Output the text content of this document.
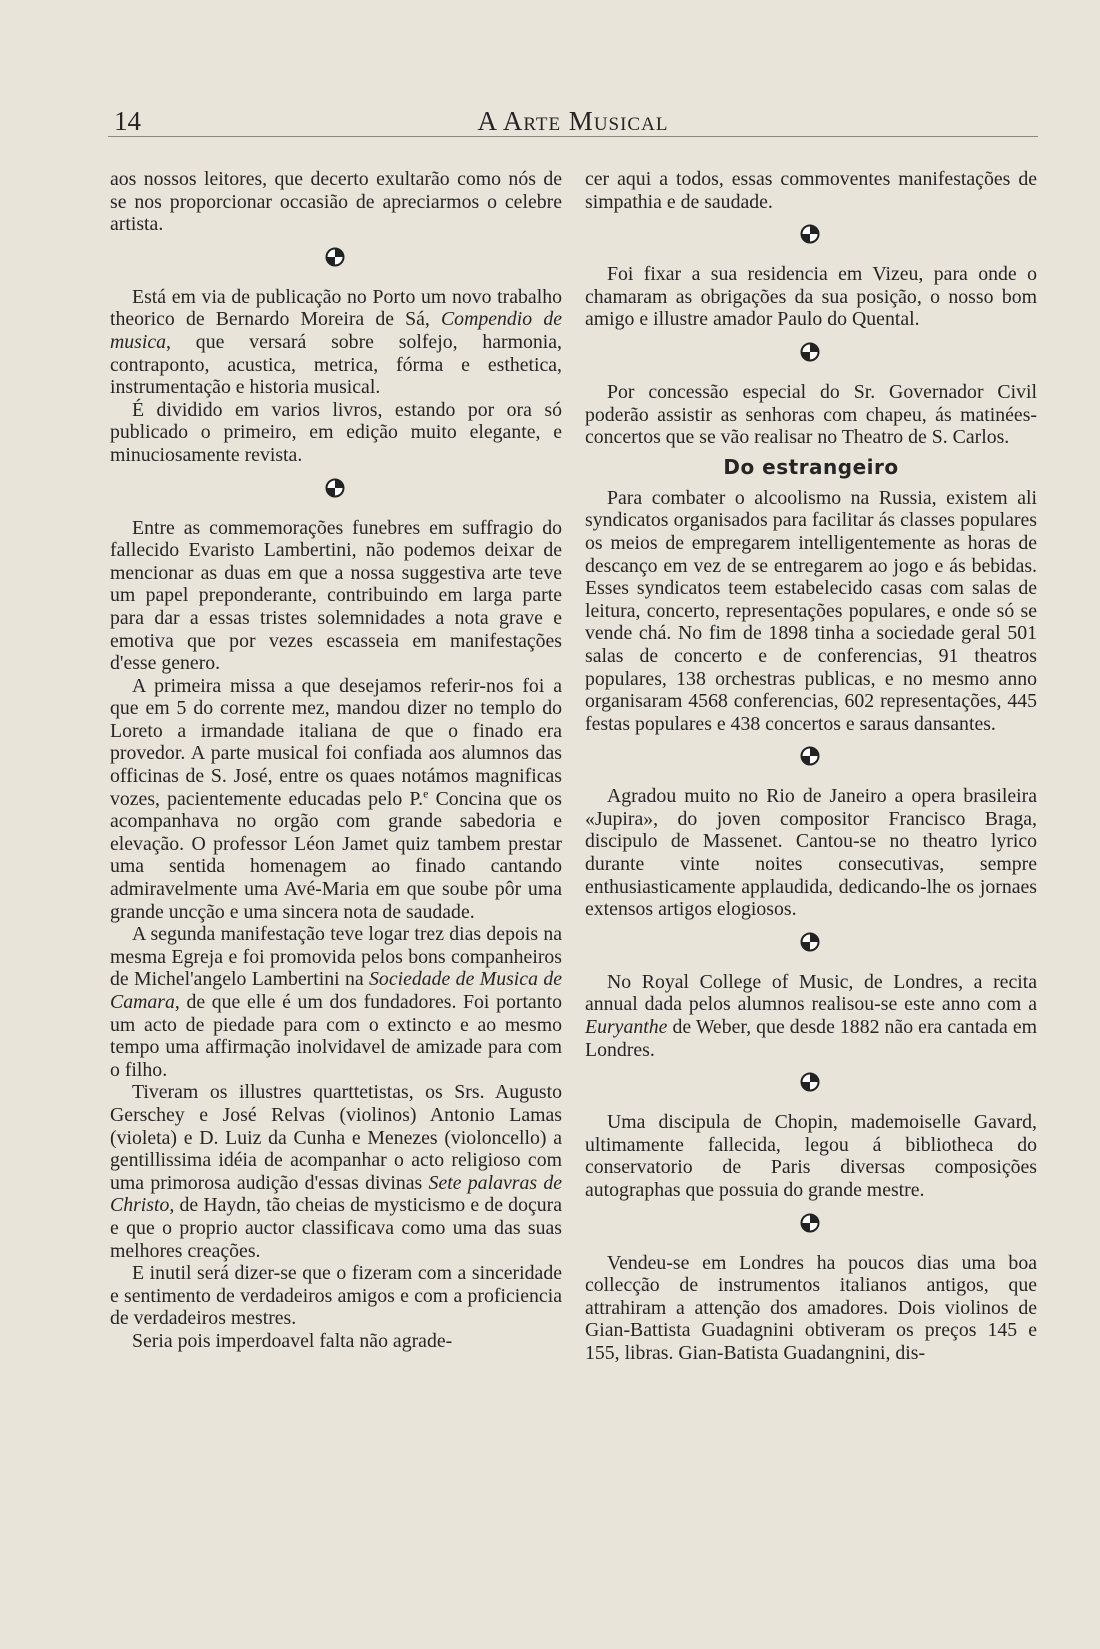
14	A Arte Musical

aos nossos leitores, que decerto exultarão como nós de se nos proporcionar occasião de apreciarmos o celebre artista.

Está em via de publicação no Porto um novo trabalho theorico de Bernardo Moreira de Sá, Compendio de musica, que versará sobre solfejo, harmonia, contraponto, acustica, metrica, fórma e esthetica, instrumentação e historia musical.

É dividido em varios livros, estando por ora só publicado o primeiro, em edição muito elegante, e minuciosamente revista.

Entre as commemorações funebres em suffragio do fallecido Evaristo Lambertini, não podemos deixar de mencionar as duas em que a nossa suggestiva arte teve um papel preponderante, contribuindo em larga parte para dar a essas tristes solemnidades a nota grave e emotiva que por vezes escasseia em manifestações d'esse genero.

A primeira missa a que desejamos referir-nos foi a que em 5 do corrente mez, mandou dizer no templo do Loreto a irmandade italiana de que o finado era provedor. A parte musical foi confiada aos alumnos das officinas de S. José, entre os quaes notámos magnificas vozes, pacientemente educadas pelo P.$^e$ Concina que os acompanhava no orgão com grande sabedoria e elevação. O professor Léon Jamet quiz tambem prestar uma sentida homenagem ao finado cantando admiravelmente uma Avé-Maria em que soube pôr uma grande uncção e uma sincera nota de saudade.

A segunda manifestação teve logar trez dias depois na mesma Egreja e foi promovida pelos bons companheiros de Michel'angelo Lambertini na Sociedade de Musica de Camara, de que elle é um dos fundadores. Foi portanto um acto de piedade para com o extincto e ao mesmo tempo uma affirmação inolvidavel de amizade para com o filho.

Tiveram os illustres quarttetistas, os Srs. Augusto Gerschey e José Relvas (violinos) Antonio Lamas (violeta) e D. Luiz da Cunha e Menezes (violoncello) a gentillissima idéia de acompanhar o acto religioso com uma primorosa audição d'essas divinas Sete palavras de Christo, de Haydn, tão cheias de mysticismo e de doçura e que o proprio auctor classificava como uma das suas melhores creações.

E inutil será dizer-se que o fizeram com a sinceridade e sentimento de verdadeiros amigos e com a proficiencia de verdadeiros mestres.

Seria pois imperdoavel falta não agrade-

cer aqui a todos, essas commoventes manifestações de simpathia e de saudade.

Foi fixar a sua residencia em Vizeu, para onde o chamaram as obrigações da sua posição, o nosso bom amigo e illustre amador Paulo do Quental.

Por concessão especial do Sr. Governador Civil poderão assistir as senhoras com chapeu, ás matinées-concertos que se vão realisar no Theatro de S. Carlos.

Do estrangeiro

Para combater o alcoolismo na Russia, existem ali syndicatos organisados para facilitar ás classes populares os meios de empregarem intelligentemente as horas de descanço em vez de se entregarem ao jogo e ás bebidas. Esses syndicatos teem estabelecido casas com salas de leitura, concerto, representações populares, e onde só se vende chá. No fim de 1898 tinha a sociedade geral 501 salas de concerto e de conferencias, 91 theatros populares, 138 orchestras publicas, e no mesmo anno organisaram 4568 conferencias, 602 representações, 445 festas populares e 438 concertos e saraus dansantes.

Agradou muito no Rio de Janeiro a opera brasileira «Jupira», do joven compositor Francisco Braga, discipulo de Massenet. Cantou-se no theatro lyrico durante vinte noites consecutivas, sempre enthusiasticamente applaudida, dedicando-lhe os jornaes extensos artigos elogiosos.

No Royal College of Music, de Londres, a recita annual dada pelos alumnos realisou-se este anno com a Euryanthe de Weber, que desde 1882 não era cantada em Londres.

Uma discipula de Chopin, mademoiselle Gavard, ultimamente fallecida, legou á bibliotheca do conservatorio de Paris diversas composições autographas que possuia do grande mestre.

Vendeu-se em Londres ha poucos dias uma boa collecção de instrumentos italianos antigos, que attrahiram a attenção dos amadores. Dois violinos de Gian-Battista Guadagnini obtiveram os preços 145 e 155, libras. Gian-Batista Guadangnini, dis-
